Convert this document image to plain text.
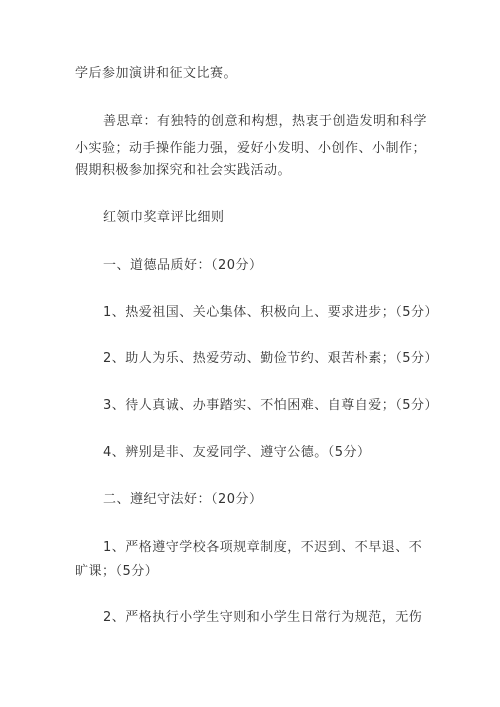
学后参加演讲和征文比赛。
善思章：有独特的创意和构想，热衷于创造发明和科学
小实验；动手操作能力强，爱好小发明、小创作、小制作；
假期积极参加探究和社会实践活动。
红领巾奖章评比细则
一、道德品质好：（20分）
1、热爱祖国、关心集体、积极向上、要求进步；（5分）
2、助人为乐、热爱劳动、勤俭节约、艰苦朴素；（5分）
3、待人真诚、办事踏实、不怕困难、自尊自爱；（5分）
4、辨别是非、友爱同学、遵守公德。（5分）
二、遵纪守法好：（20分）
1、严格遵守学校各项规章制度，不迟到、不早退、不
旷课；（5分）
2、严格执行小学生守则和小学生日常行为规范，无伤
